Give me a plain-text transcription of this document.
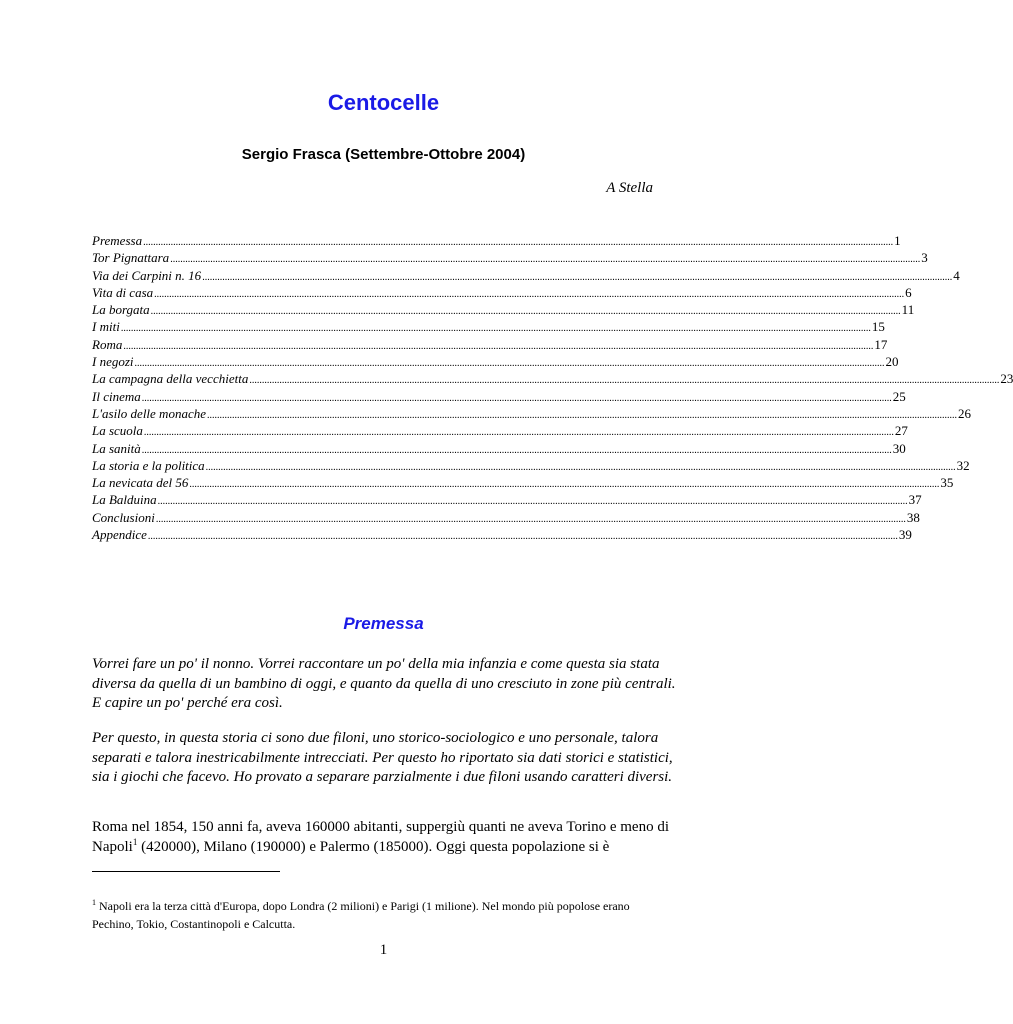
Centocelle
Sergio Frasca (Settembre-Ottobre 2004)
A Stella
Premessa ............................................................................................................................................................................................................................................................................................................ 1
Tor Pignattara ............................................................................................................................................................................................................................................................................................................ 3
Via dei Carpini n. 16 ............................................................................................................................................................................................................................................................................................................ 4
Vita di casa ............................................................................................................................................................................................................................................................................................................ 6
La borgata ............................................................................................................................................................................................................................................................................................................ 11
I miti ............................................................................................................................................................................................................................................................................................................ 15
Roma ............................................................................................................................................................................................................................................................................................................ 17
I negozi ............................................................................................................................................................................................................................................................................................................ 20
La campagna della vecchietta ............................................................................................................................................................................................................................................................................................................ 23
Il cinema ............................................................................................................................................................................................................................................................................................................ 25
L'asilo delle monache ............................................................................................................................................................................................................................................................................................................ 26
La scuola ............................................................................................................................................................................................................................................................................................................ 27
La sanità ............................................................................................................................................................................................................................................................................................................ 30
La storia e la politica ............................................................................................................................................................................................................................................................................................................ 32
La nevicata del 56 ............................................................................................................................................................................................................................................................................................................ 35
La Balduina ............................................................................................................................................................................................................................................................................................................ 37
Conclusioni ............................................................................................................................................................................................................................................................................................................ 38
Appendice ............................................................................................................................................................................................................................................................................................................ 39
Premessa

Vorrei fare un po' il nonno. Vorrei raccontare un po' della mia infanzia e come questa sia stata diversa da quella di un bambino di oggi, e quanto da quella di uno cresciuto in zone più centrali. E capire un po' perché era così.

Per questo, in questa storia ci sono due filoni, uno storico-sociologico e uno personale, talora separati e talora inestricabilmente intrecciati. Per questo ho riportato sia dati storici e statistici, sia i giochi che facevo. Ho provato a separare parzialmente i due filoni usando caratteri diversi.

Roma nel 1854, 150 anni fa, aveva 160000 abitanti, suppergiù quanti ne aveva Torino e meno di Napoli$^1$ (420000), Milano (190000) e Palermo (185000). Oggi questa popolazione si è

$^1$ Napoli era la terza città d'Europa, dopo Londra (2 milioni) e Parigi (1 milione). Nel mondo più popolose erano Pechino, Tokio, Costantinopoli e Calcutta.
1
